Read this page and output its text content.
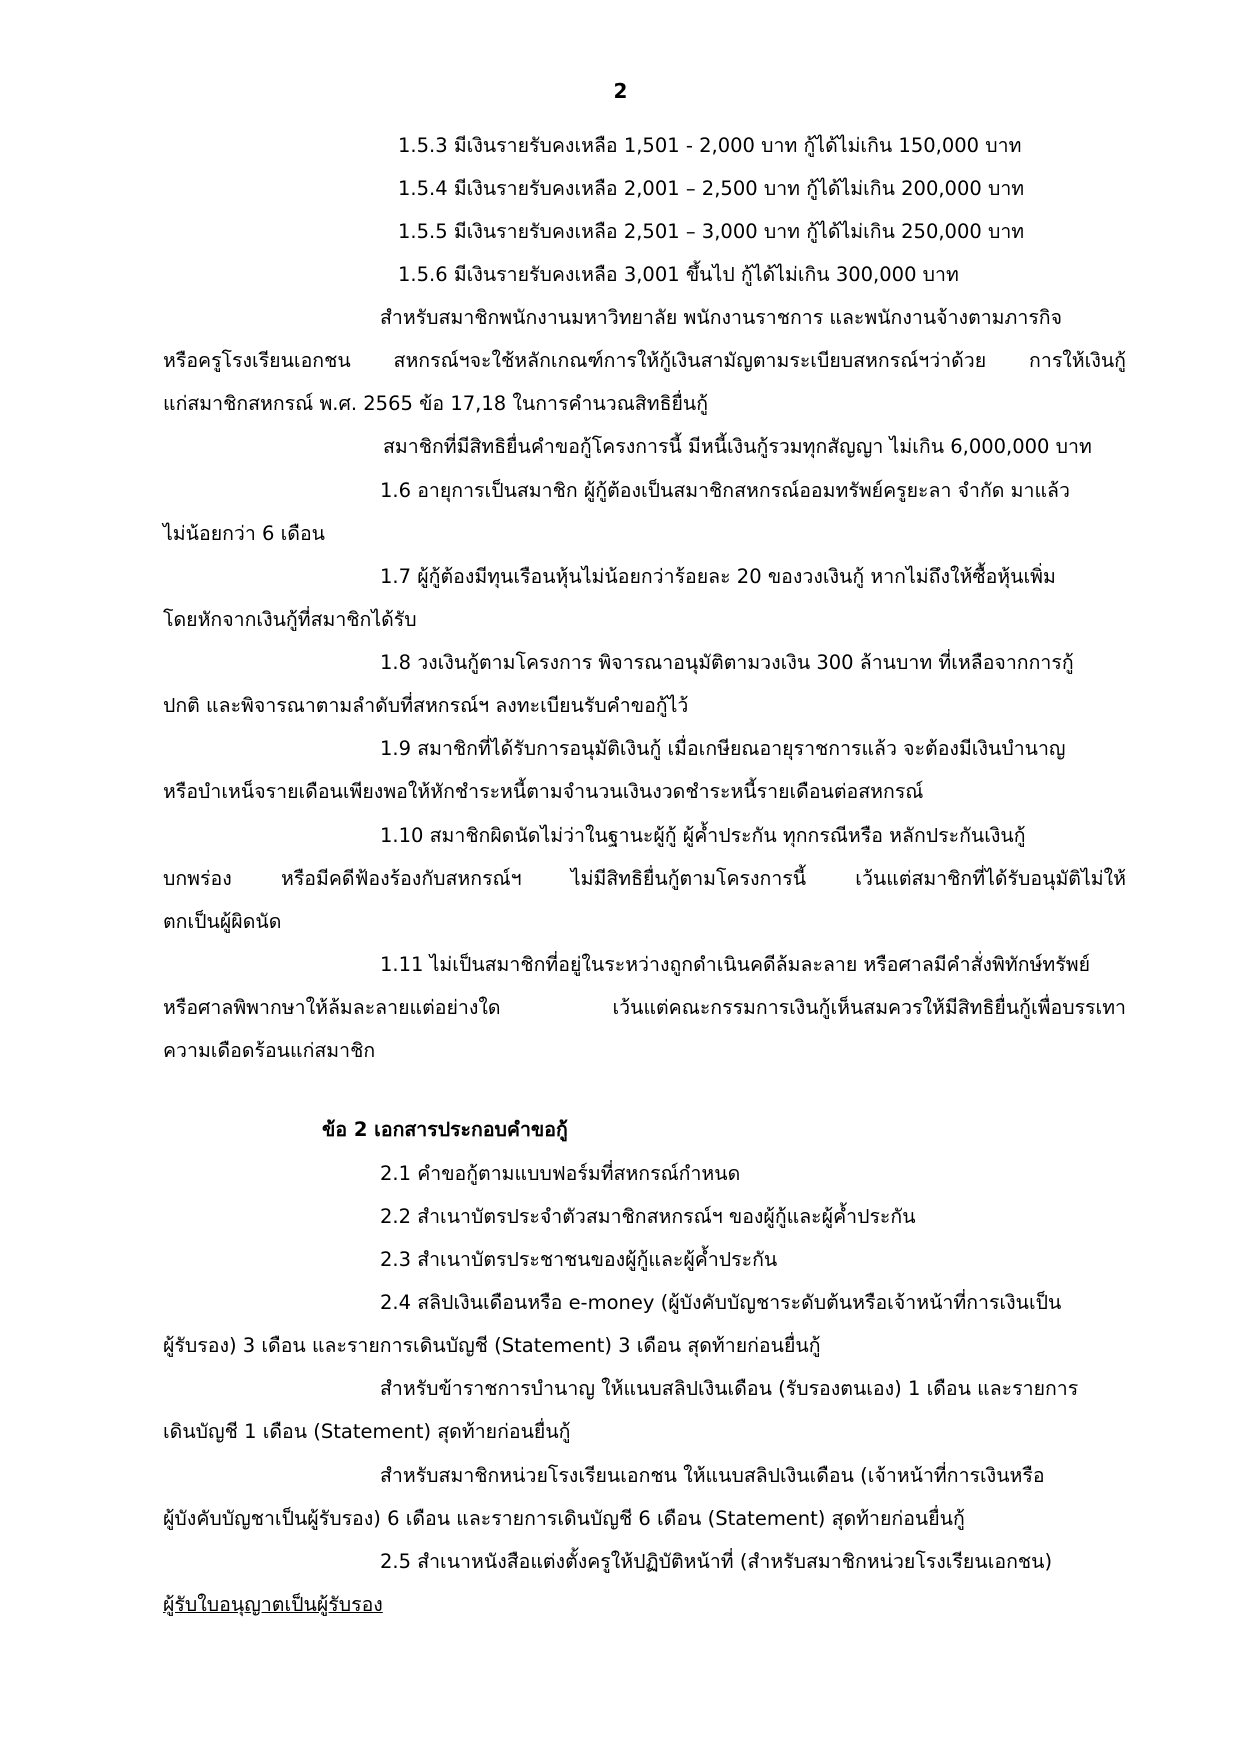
2
1.5.3 มีเงินรายรับคงเหลือ 1,501 - 2,000 บาท กู้ได้ไม่เกิน 150,000 บาท
1.5.4 มีเงินรายรับคงเหลือ 2,001 – 2,500 บาท กู้ได้ไม่เกิน 200,000 บาท
1.5.5 มีเงินรายรับคงเหลือ 2,501 – 3,000 บาท กู้ได้ไม่เกิน 250,000 บาท
1.5.6 มีเงินรายรับคงเหลือ 3,001 ขึ้นไป กู้ได้ไม่เกิน 300,000 บาท
สำหรับสมาชิกพนักงานมหาวิทยาลัย พนักงานราชการ และพนักงานจ้างตามภารกิจ
หรือครูโรงเรียนเอกชน สหกรณ์ฯจะใช้หลักเกณฑ์การให้กู้เงินสามัญตามระเบียบสหกรณ์ฯว่าด้วย การให้เงินกู้
แก่สมาชิกสหกรณ์ พ.ศ. 2565 ข้อ 17,18 ในการคำนวณสิทธิยื่นกู้
สมาชิกที่มีสิทธิยื่นคำขอกู้โครงการนี้ มีหนี้เงินกู้รวมทุกสัญญา ไม่เกิน 6,000,000 บาท
1.6 อายุการเป็นสมาชิก ผู้กู้ต้องเป็นสมาชิกสหกรณ์ออมทรัพย์ครูยะลา จำกัด มาแล้ว
ไม่น้อยกว่า 6 เดือน
1.7 ผู้กู้ต้องมีทุนเรือนหุ้นไม่น้อยกว่าร้อยละ 20 ของวงเงินกู้ หากไม่ถึงให้ซื้อหุ้นเพิ่ม
โดยหักจากเงินกู้ที่สมาชิกได้รับ
1.8 วงเงินกู้ตามโครงการ พิจารณาอนุมัติตามวงเงิน 300 ล้านบาท ที่เหลือจากการกู้
ปกติ และพิจารณาตามลำดับที่สหกรณ์ฯ ลงทะเบียนรับคำขอกู้ไว้
1.9 สมาชิกที่ได้รับการอนุมัติเงินกู้ เมื่อเกษียณอายุราชการแล้ว จะต้องมีเงินบำนาญ
หรือบำเหน็จรายเดือนเพียงพอให้หักชำระหนี้ตามจำนวนเงินงวดชำระหนี้รายเดือนต่อสหกรณ์
1.10 สมาชิกผิดนัดไม่ว่าในฐานะผู้กู้ ผู้ค้ำประกัน ทุกกรณีหรือ หลักประกันเงินกู้
บกพร่อง หรือมีคดีฟ้องร้องกับสหกรณ์ฯ ไม่มีสิทธิยื่นกู้ตามโครงการนี้ เว้นแต่สมาชิกที่ได้รับอนุมัติไม่ให้
ตกเป็นผู้ผิดนัด
1.11 ไม่เป็นสมาชิกที่อยู่ในระหว่างถูกดำเนินคดีล้มละลาย หรือศาลมีคำสั่งพิทักษ์ทรัพย์
หรือศาลพิพากษาให้ล้มละลายแต่อย่างใด เว้นแต่คณะกรรมการเงินกู้เห็นสมควรให้มีสิทธิยื่นกู้เพื่อบรรเทา
ความเดือดร้อนแก่สมาชิก
ข้อ 2 เอกสารประกอบคำขอกู้
2.1 คำขอกู้ตามแบบฟอร์มที่สหกรณ์กำหนด
2.2 สำเนาบัตรประจำตัวสมาชิกสหกรณ์ฯ ของผู้กู้และผู้ค้ำประกัน
2.3 สำเนาบัตรประชาชนของผู้กู้และผู้ค้ำประกัน
2.4 สลิปเงินเดือนหรือ e-money (ผู้บังคับบัญชาระดับต้นหรือเจ้าหน้าที่การเงินเป็น
ผู้รับรอง) 3 เดือน และรายการเดินบัญชี (Statement) 3 เดือน สุดท้ายก่อนยื่นกู้
สำหรับข้าราชการบำนาญ ให้แนบสลิปเงินเดือน (รับรองตนเอง) 1 เดือน และรายการ
เดินบัญชี 1 เดือน (Statement) สุดท้ายก่อนยื่นกู้
สำหรับสมาชิกหน่วยโรงเรียนเอกชน ให้แนบสลิปเงินเดือน (เจ้าหน้าที่การเงินหรือ
ผู้บังคับบัญชาเป็นผู้รับรอง) 6 เดือน และรายการเดินบัญชี 6 เดือน (Statement) สุดท้ายก่อนยื่นกู้
2.5 สำเนาหนังสือแต่งตั้งครูให้ปฏิบัติหน้าที่ (สำหรับสมาชิกหน่วยโรงเรียนเอกชน)
ผู้รับใบอนุญาตเป็นผู้รับรอง
